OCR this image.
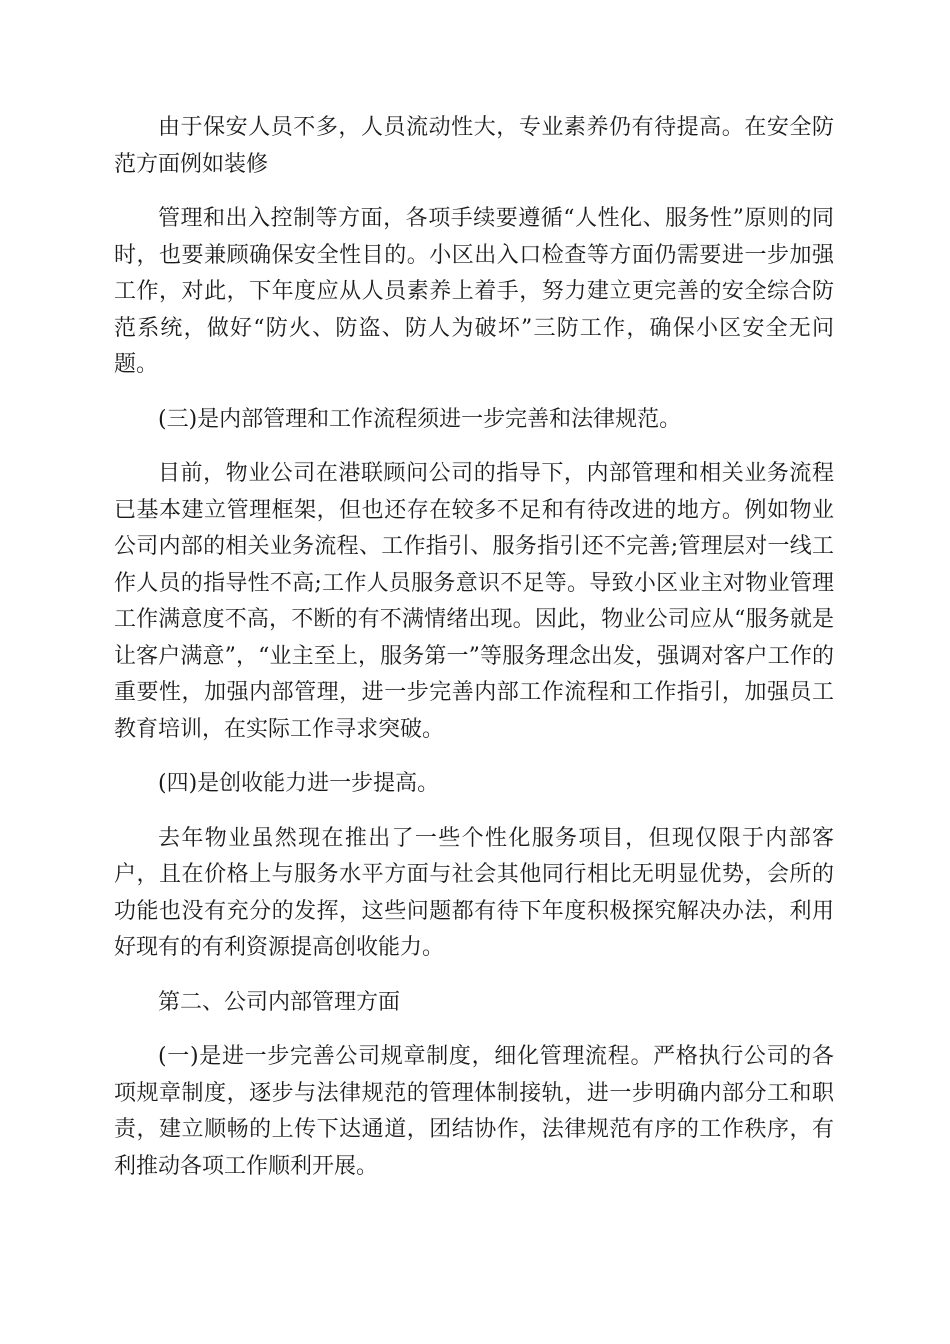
由于保安人员不多，人员流动性大，专业素养仍有待提高。在安全防范方面例如装修

管理和出入控制等方面，各项手续要遵循“人性化、服务性”原则的同时，也要兼顾确保安全性目的。小区出入口检查等方面仍需要进一步加强工作，对此，下年度应从人员素养上着手，努力建立更完善的安全综合防范系统，做好“防火、防盗、防人为破坏”三防工作，确保小区安全无问题。

(三)是内部管理和工作流程须进一步完善和法律规范。

目前，物业公司在港联顾问公司的指导下，内部管理和相关业务流程已基本建立管理框架，但也还存在较多不足和有待改进的地方。例如物业公司内部的相关业务流程、工作指引、服务指引还不完善;管理层对一线工作人员的指导性不高;工作人员服务意识不足等。导致小区业主对物业管理工作满意度不高，不断的有不满情绪出现。因此，物业公司应从“服务就是让客户满意”，“业主至上，服务第一”等服务理念出发，强调对客户工作的重要性，加强内部管理，进一步完善内部工作流程和工作指引，加强员工教育培训，在实际工作寻求突破。

(四)是创收能力进一步提高。

去年物业虽然现在推出了一些个性化服务项目，但现仅限于内部客户，且在价格上与服务水平方面与社会其他同行相比无明显优势，会所的功能也没有充分的发挥，这些问题都有待下年度积极探究解决办法，利用好现有的有利资源提高创收能力。

第二、公司内部管理方面

(一)是进一步完善公司规章制度，细化管理流程。严格执行公司的各项规章制度，逐步与法律规范的管理体制接轨，进一步明确内部分工和职责，建立顺畅的上传下达通道，团结协作，法律规范有序的工作秩序，有利推动各项工作顺利开展。
